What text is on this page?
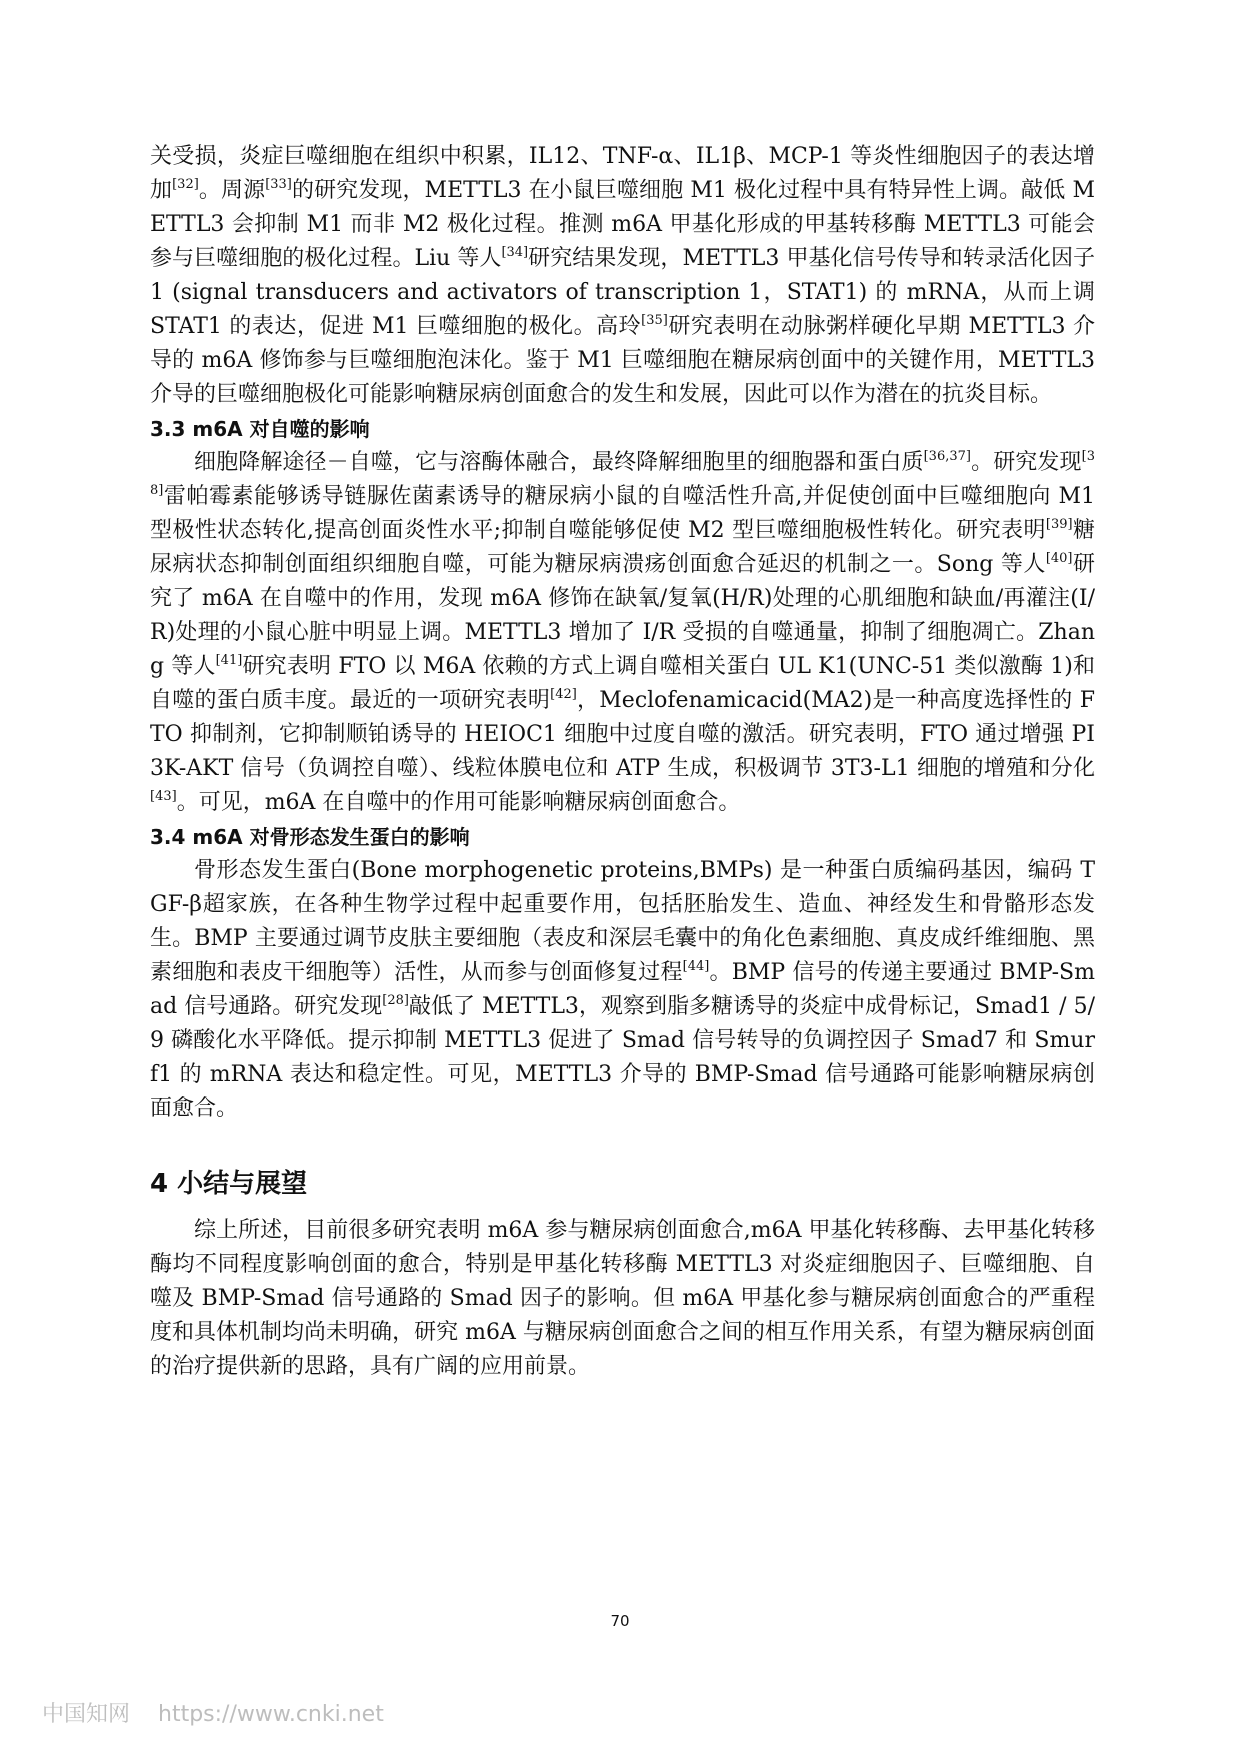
关受损，炎症巨噬细胞在组织中积累，IL12、TNF-α、IL1β、MCP-1 等炎性细胞因子的表达增加[32]。周源[33]的研究发现，METTL3 在小鼠巨噬细胞 M1 极化过程中具有特异性上调。敲低 METTL3 会抑制 M1 而非 M2 极化过程。推测 m6A 甲基化形成的甲基转移酶 METTL3 可能会参与巨噬细胞的极化过程。Liu 等人[34]研究结果发现，METTL3 甲基化信号传导和转录活化因子 1 (signal transducers and activators of transcription 1，STAT1) 的 mRNA，从而上调 STAT1 的表达，促进 M1 巨噬细胞的极化。高玲[35]研究表明在动脉粥样硬化早期 METTL3 介导的 m6A 修饰参与巨噬细胞泡沫化。鉴于 M1 巨噬细胞在糖尿病创面中的关键作用，METTL3 介导的巨噬细胞极化可能影响糖尿病创面愈合的发生和发展，因此可以作为潜在的抗炎目标。

3.3 m6A 对自噬的影响

细胞降解途径－自噬，它与溶酶体融合，最终降解细胞里的细胞器和蛋白质[36,37]。研究发现[38]雷帕霉素能够诱导链脲佐菌素诱导的糖尿病小鼠的自噬活性升高,并促使创面中巨噬细胞向 M1 型极性状态转化,提高创面炎性水平;抑制自噬能够促使 M2 型巨噬细胞极性转化。研究表明[39]糖尿病状态抑制创面组织细胞自噬，可能为糖尿病溃疡创面愈合延迟的机制之一。Song 等人[40]研究了 m6A 在自噬中的作用，发现 m6A 修饰在缺氧/复氧(H/R)处理的心肌细胞和缺血/再灌注(I/R)处理的小鼠心脏中明显上调。METTL3 增加了 I/R 受损的自噬通量，抑制了细胞凋亡。Zhang 等人[41]研究表明 FTO 以 M6A 依赖的方式上调自噬相关蛋白 UL K1(UNC-51 类似激酶 1)和自噬的蛋白质丰度。最近的一项研究表明[42]，Meclofenamicacid(MA2)是一种高度选择性的 FTO 抑制剂，它抑制顺铂诱导的 HEIOC1 细胞中过度自噬的激活。研究表明，FTO 通过增强 PI3K-AKT 信号（负调控自噬）、线粒体膜电位和 ATP 生成，积极调节 3T3-L1 细胞的增殖和分化[43]。可见，m6A 在自噬中的作用可能影响糖尿病创面愈合。

3.4 m6A 对骨形态发生蛋白的影响

骨形态发生蛋白(Bone morphogenetic proteins,BMPs) 是一种蛋白质编码基因，编码 TGF-β超家族，在各种生物学过程中起重要作用，包括胚胎发生、造血、神经发生和骨骼形态发生。BMP 主要通过调节皮肤主要细胞（表皮和深层毛囊中的角化色素细胞、真皮成纤维细胞、黑素细胞和表皮干细胞等）活性，从而参与创面修复过程[44]。BMP 信号的传递主要通过 BMP-Smad 信号通路。研究发现[28]敲低了 METTL3，观察到脂多糖诱导的炎症中成骨标记，Smad1 / 5/9 磷酸化水平降低。提示抑制 METTL3 促进了 Smad 信号转导的负调控因子 Smad7 和 Smurf1 的 mRNA 表达和稳定性。可见，METTL3 介导的 BMP-Smad 信号通路可能影响糖尿病创面愈合。

4 小结与展望

综上所述，目前很多研究表明 m6A 参与糖尿病创面愈合,m6A 甲基化转移酶、去甲基化转移酶均不同程度影响创面的愈合，特别是甲基化转移酶 METTL3 对炎症细胞因子、巨噬细胞、自噬及 BMP-Smad 信号通路的 Smad 因子的影响。但 m6A 甲基化参与糖尿病创面愈合的严重程度和具体机制均尚未明确，研究 m6A 与糖尿病创面愈合之间的相互作用关系，有望为糖尿病创面的治疗提供新的思路，具有广阔的应用前景。

70
中国知网 https://www.cnki.net
